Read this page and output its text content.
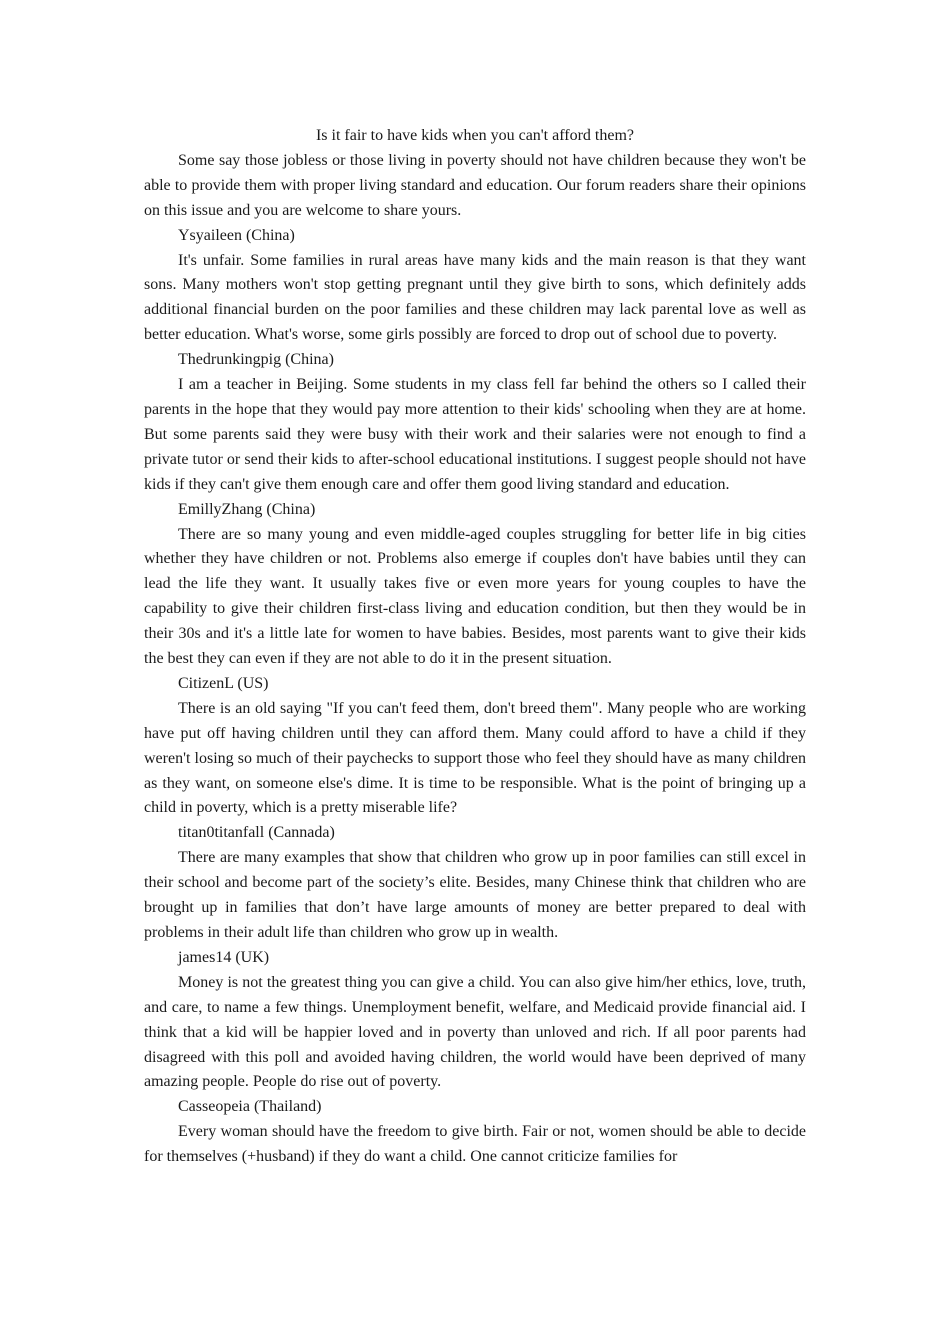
Is it fair to have kids when you can't afford them?

Some say those jobless or those living in poverty should not have children because they won't be able to provide them with proper living standard and education. Our forum readers share their opinions on this issue and you are welcome to share yours.

Ysyaileen (China)

It's unfair. Some families in rural areas have many kids and the main reason is that they want sons. Many mothers won't stop getting pregnant until they give birth to sons, which definitely adds additional financial burden on the poor families and these children may lack parental love as well as better education. What's worse, some girls possibly are forced to drop out of school due to poverty.

Thedrunkingpig (China)

I am a teacher in Beijing. Some students in my class fell far behind the others so I called their parents in the hope that they would pay more attention to their kids' schooling when they are at home. But some parents said they were busy with their work and their salaries were not enough to find a private tutor or send their kids to after-school educational institutions. I suggest people should not have kids if they can't give them enough care and offer them good living standard and education.

EmillyZhang (China)

There are so many young and even middle-aged couples struggling for better life in big cities whether they have children or not. Problems also emerge if couples don't have babies until they can lead the life they want. It usually takes five or even more years for young couples to have the capability to give their children first-class living and education condition, but then they would be in their 30s and it's a little late for women to have babies. Besides, most parents want to give their kids the best they can even if they are not able to do it in the present situation.

CitizenL (US)

There is an old saying "If you can't feed them, don't breed them". Many people who are working have put off having children until they can afford them. Many could afford to have a child if they weren't losing so much of their paychecks to support those who feel they should have as many children as they want, on someone else's dime. It is time to be responsible. What is the point of bringing up a child in poverty, which is a pretty miserable life?

titan0titanfall (Cannada)

There are many examples that show that children who grow up in poor families can still excel in their school and become part of the society’s elite. Besides, many Chinese think that children who are brought up in families that don’t have large amounts of money are better prepared to deal with problems in their adult life than children who grow up in wealth.

james14 (UK)

Money is not the greatest thing you can give a child. You can also give him/her ethics, love, truth, and care, to name a few things. Unemployment benefit, welfare, and Medicaid provide financial aid. I think that a kid will be happier loved and in poverty than unloved and rich. If all poor parents had disagreed with this poll and avoided having children, the world would have been deprived of many amazing people. People do rise out of poverty.

Casseopeia (Thailand)

Every woman should have the freedom to give birth. Fair or not, women should be able to decide for themselves (+husband) if they do want a child. One cannot criticize families for
